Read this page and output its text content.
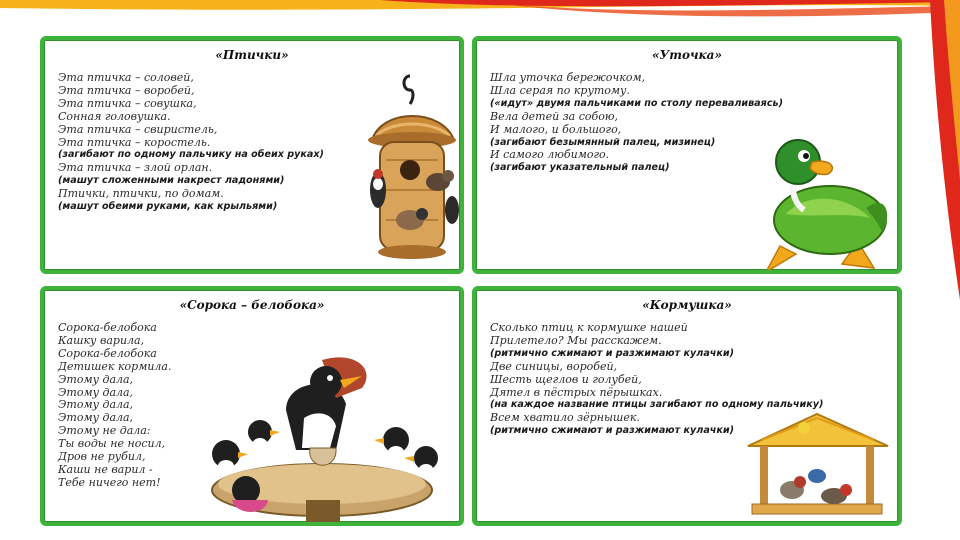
«Птички»
Эта птичка – соловей,
Эта птичка – воробей,
Эта птичка – совушка,
Сонная головушка.
Эта птичка – свиристель,
Эта птичка – коростель.
(загибают по одному пальчику на обеих руках)
Эта птичка – злой орлан.
(машут сложенными накрест ладонями)
Птички, птички, по домам.
(машут обеими руками, как крыльями)
«Уточка»
Шла уточка бережочком,
Шла серая по крутому.
(«идут» двумя пальчиками по столу переваливаясь)
Вела детей за собою,
И малого, и большого,
(загибают безымянный палец, мизинец)
И самого любимого.
(загибают указательный палец)
«Сорока – белобока»
Сорока-белобока
Кашку варила,
Сорока-белобока
Детишек кормила.
Этому дала,
Этому дала,
Этому дала,
Этому дала,
Этому не дала:
Ты воды не носил,
Дров не рубил,
Каши не варил -
Тебе ничего нет!
«Кормушка»
Сколько птиц к кормушке нашей
Прилетело? Мы расскажем.
(ритмично сжимают и разжимают кулачки)
Две синицы, воробей,
Шесть щеглов и голубей,
Дятел в пёстрых пёрышках.
(на каждое название птицы загибают по одному пальчику)
Всем хватило зёрнышек.
(ритмично сжимают и разжимают кулачки)
